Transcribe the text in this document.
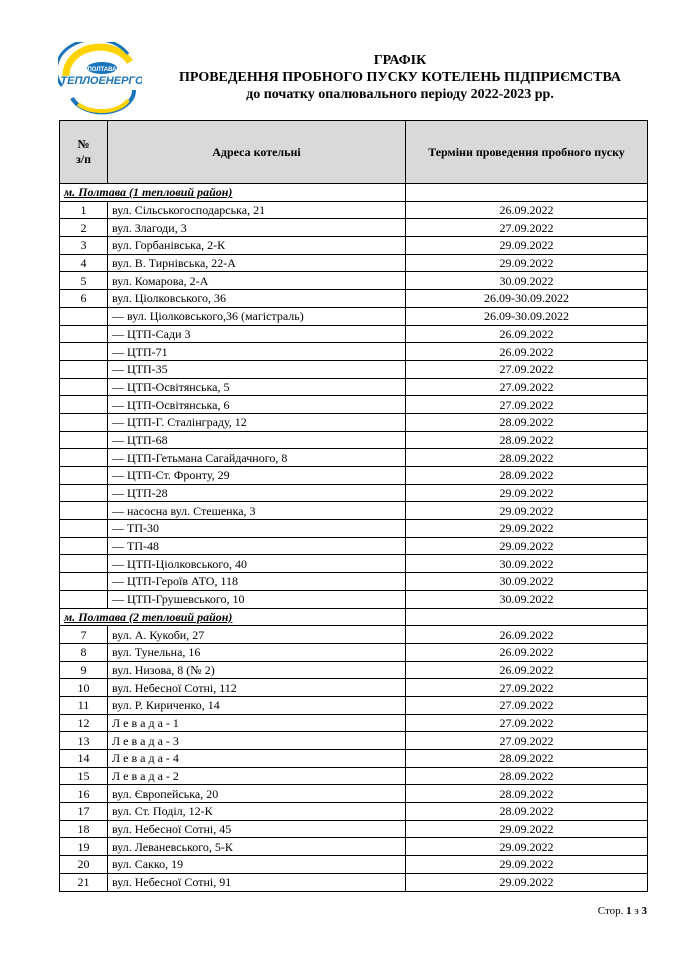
ПОЛТАВА
ТЕПЛОЕНЕРГО
ГРАФІК
ПРОВЕДЕННЯ ПРОБНОГО ПУСКУ КОТЕЛЕНЬ ПІДПРИЄМСТВА
до початку опалювального періоду 2022-2023 рр.
№
з/п	Адреса котельні	Терміни проведення пробного пуску
м. Полтава (1 тепловий район)		
1	вул. Сільськогосподарська, 21	26.09.2022
2	вул. Злагоди, 3	27.09.2022
3	вул. Горбанівська, 2-К	29.09.2022
4	вул. В. Тирнівська, 22-А	29.09.2022
5	вул. Комарова, 2-А	30.09.2022
6	вул. Ціолковського, 36	26.09-30.09.2022
	— вул. Ціолковського,36 (магістраль)	26.09-30.09.2022
	— ЦТП-Сади 3	26.09.2022
	— ЦТП-71	26.09.2022
	— ЦТП-35	27.09.2022
	— ЦТП-Освітянська, 5	27.09.2022
	— ЦТП-Освітянська, 6	27.09.2022
	— ЦТП-Г. Сталінграду, 12	28.09.2022
	— ЦТП-68	28.09.2022
	— ЦТП-Гетьмана Сагайдачного, 8	28.09.2022
	— ЦТП-Ст. Фронту, 29	28.09.2022
	— ЦТП-28	29.09.2022
	— насосна вул. Стешенка, 3	29.09.2022
	— ТП-30	29.09.2022
	— ТП-48	29.09.2022
	— ЦТП-Ціолковського, 40	30.09.2022
	— ЦТП-Героїв АТО, 118	30.09.2022
	— ЦТП-Грушевського, 10	30.09.2022
м. Полтава (2 тепловий район)		
7	вул. А. Кукоби, 27	26.09.2022
8	вул. Тунельна, 16	26.09.2022
9	вул. Низова, 8 (№ 2)	26.09.2022
10	вул. Небесної Сотні, 112	27.09.2022
11	вул. Р. Кириченко, 14	27.09.2022
12	Л е в а д а - 1	27.09.2022
13	Л е в а д а - 3	27.09.2022
14	Л е в а д а - 4	28.09.2022
15	Л е в а д а - 2	28.09.2022
16	вул. Європейська, 20	28.09.2022
17	вул. Ст. Поділ, 12-К	28.09.2022
18	вул. Небесної Сотні, 45	29.09.2022
19	вул. Леваневського, 5-К	29.09.2022
20	вул. Сакко, 19	29.09.2022
21	вул. Небесної Сотні, 91	29.09.2022
Стор. 1 з 3
